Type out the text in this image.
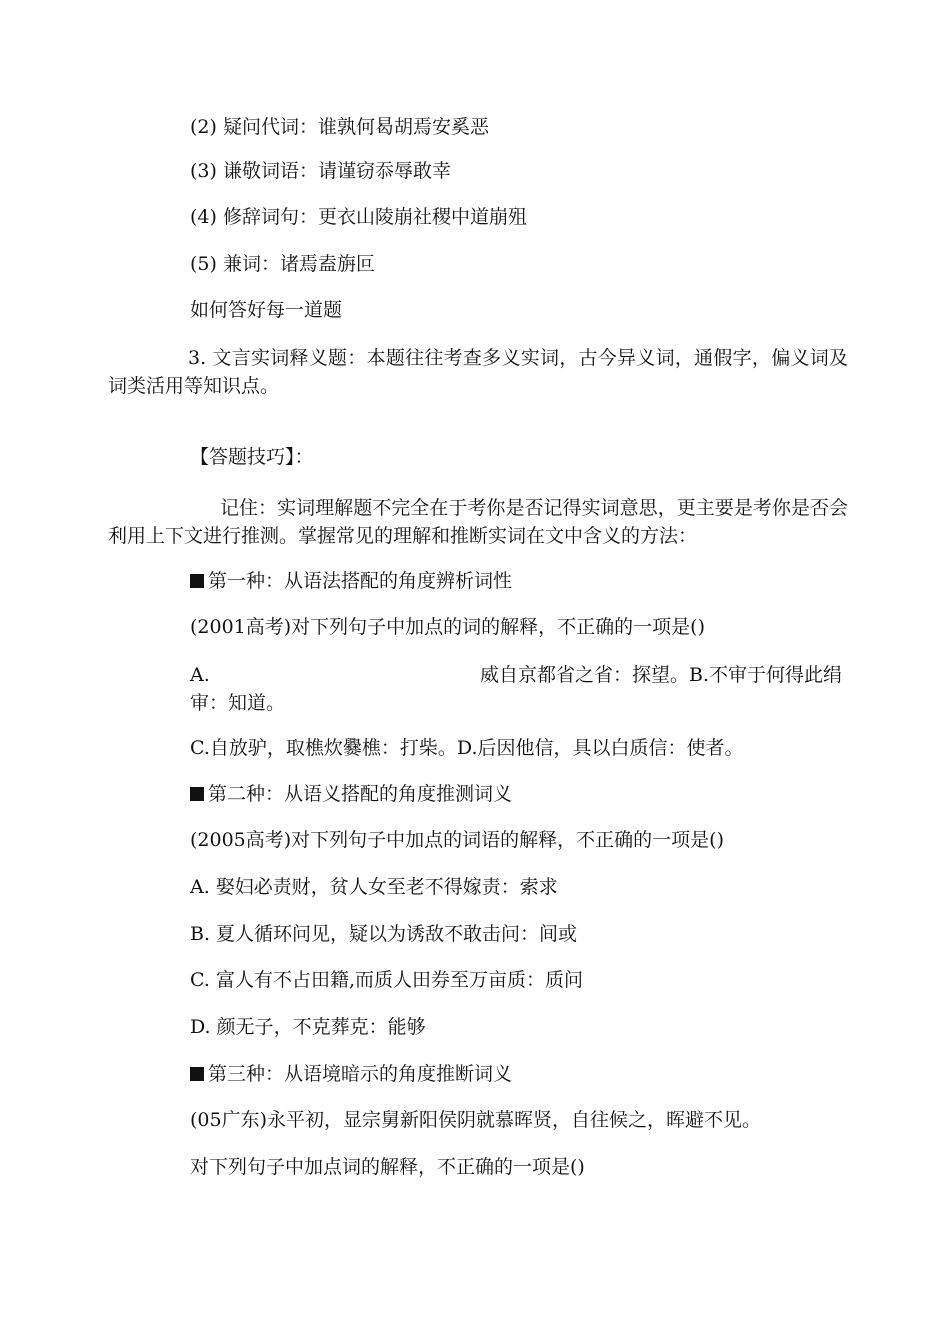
(2) 疑问代词：谁孰何曷胡焉安奚恶
(3) 谦敬词语：请谨窃忝辱敢幸
(4) 修辞词句：更衣山陵崩社稷中道崩殂
(5) 兼词：诸焉盍旃叵
如何答好每一道题
3. 文言实词释义题：本题往往考查多义实词，古今异义词，通假字，偏义词及词类活用等知识点。
【答题技巧】：
记住：实词理解题不完全在于考你是否记得实词意思，更主要是考你是否会利用上下文进行推测。掌握常见的理解和推断实词在文中含义的方法：
第一种：从语法搭配的角度辨析词性
(2001高考)对下列句子中加点的词的解释，不正确的一项是()
A.	威自京都省之省：探望。B.不审于何得此绢审：知道。
C.自放驴，取樵炊爨樵：打柴。D.后因他信，具以白质信：使者。
第二种：从语义搭配的角度推测词义
(2005高考)对下列句子中加点的词语的解释，不正确的一项是()
A. 娶妇必责财，贫人女至老不得嫁责：索求
B. 夏人循环问见，疑以为诱敌不敢击问：间或
C. 富人有不占田籍,而质人田券至万亩质：质问
D. 颜无子，不克葬克：能够
第三种：从语境暗示的角度推断词义
(05广东)永平初，显宗舅新阳侯阴就慕晖贤，自往候之，晖避不见。
对下列句子中加点词的解释，不正确的一项是()
